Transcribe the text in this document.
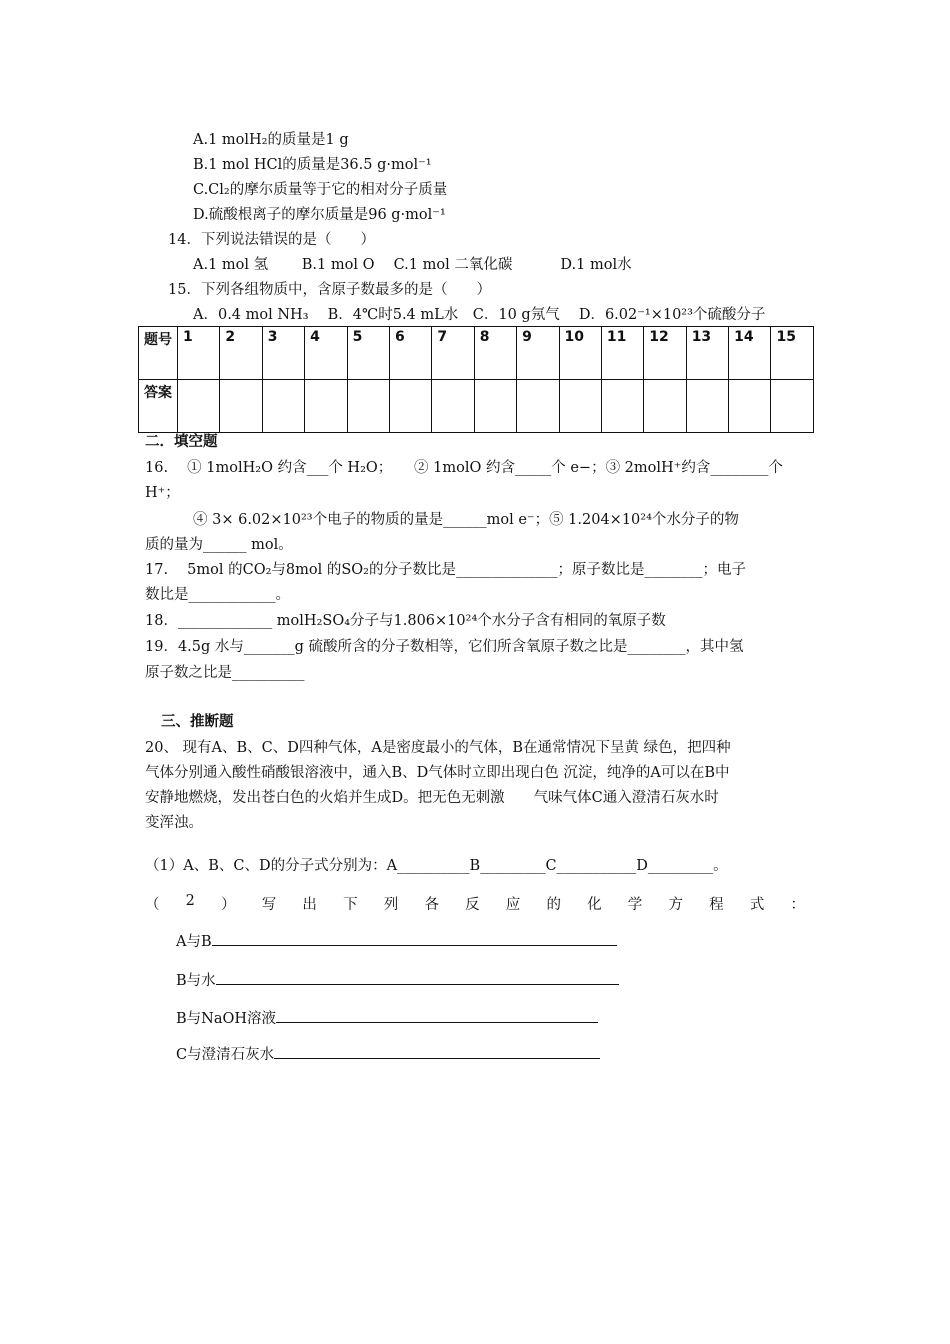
A.1 molH₂的质量是1 g
B.1 mol HCl的质量是36.5 g·mol⁻¹
C.Cl₂的摩尔质量等于它的相对分子质量
D.硫酸根离子的摩尔质量是96 g·mol⁻¹
14．下列说法错误的是（　　）
A.1 mol 氢　　 B.1 mol O　 C.1 mol 二氧化碳　　　 D.1 mol水
15．下列各组物质中，含原子数最多的是（　　）
A．0.4 mol NH₃　 B．4℃时5.4 mL水　C．10 g氖气　 D．6.02⁻¹×10²³个硫酸分子
题号	1	2	3	4	5	6	7	8	9	10	11	12	13	14	15
答案															
二．填空题
16.　 ① 1molH₂O 约含___个 H₂O；　　② 1molO 约含_____个 e−；③ 2molH⁺约含________个
H⁺；
④ 3× 6.02×10²³个电子的物质的量是______mol e⁻；⑤ 1.204×10²⁴个水分子的物
质的量为______ mol。
17.　 5mol 的CO₂与8mol 的SO₂的分子数比是______________；原子数比是________；电子
数比是____________。
18．_____________ molH₂SO₄分子与1.806×10²⁴个水分子含有相同的氧原子数
19．4.5g 水与_______g 硫酸所含的分子数相等，它们所含氧原子数之比是________，其中氢
原子数之比是__________
三、推断题
20、 现有A、B、C、D四种气体，A是密度最小的气体，B在通常情况下呈黄 绿色，把四种
气体分别通入酸性硝酸银溶液中，通入B、D气体时立即出现白色 沉淀，纯净的A可以在B中
安静地燃烧，发出苍白色的火焰并生成D。把无色无刺激　　气味气体C通入澄清石灰水时
变浑浊。
（1）A、B、C、D的分子式分别为：A__________B_________C___________D_________。
（ 2 ） 写 出 下 列 各 反 应 的 化 学 方 程 式 ：
A与B
B与水
B与NaOH溶液
C与澄清石灰水
